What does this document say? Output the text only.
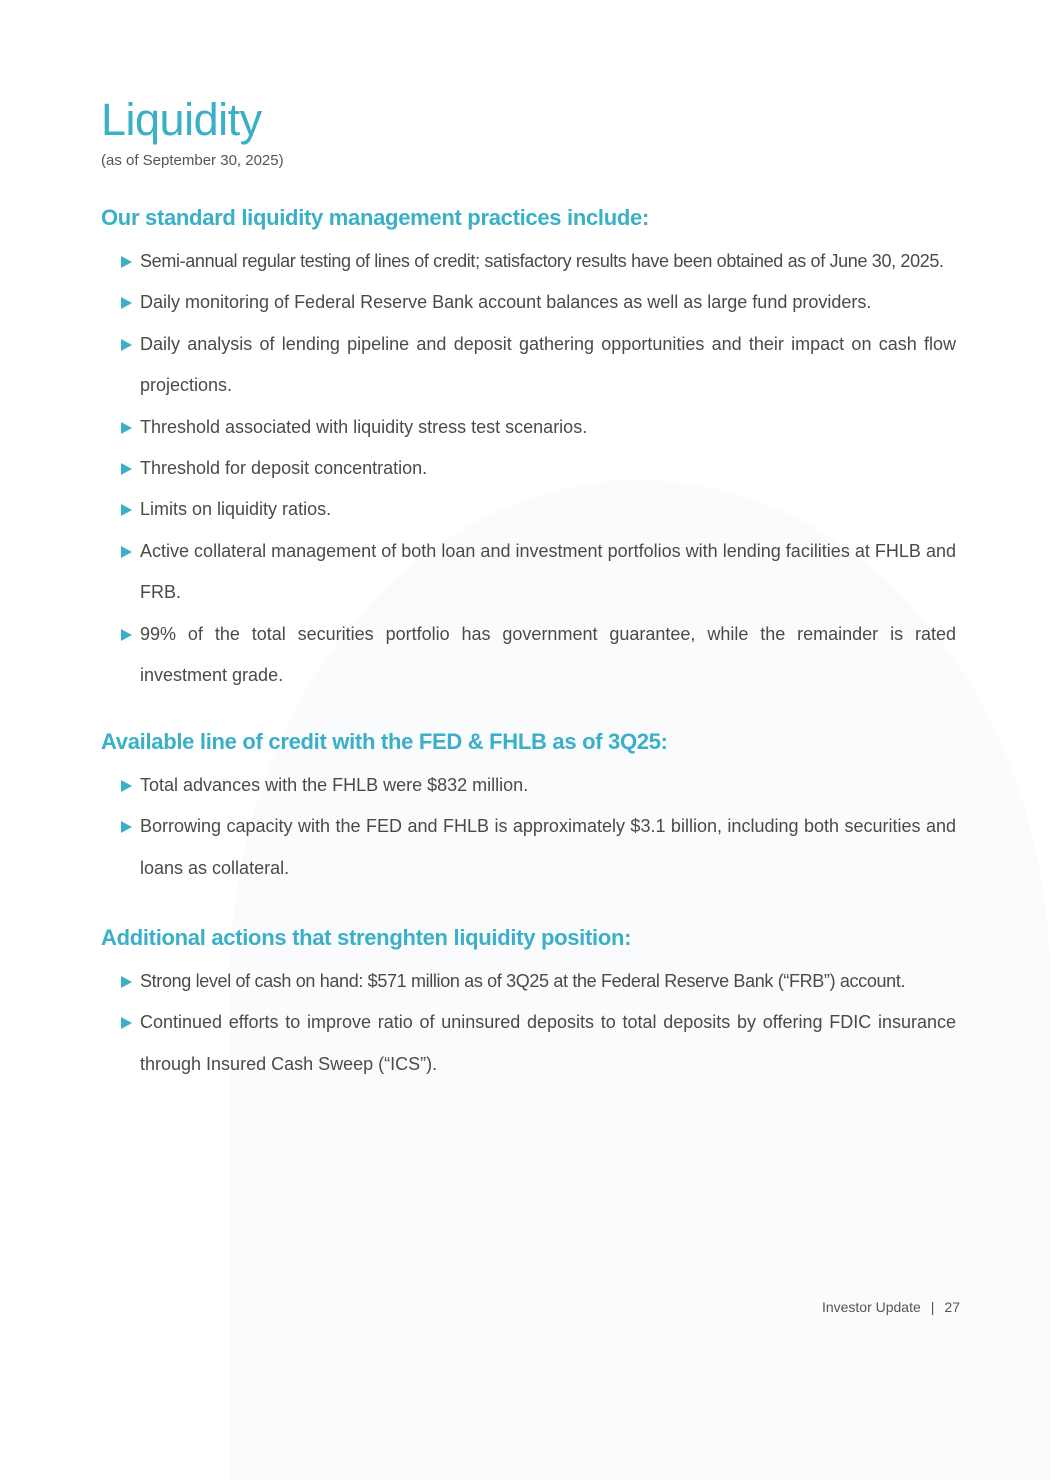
Liquidity

(as of September 30, 2025)

Our standard liquidity management practices include:
Semi-annual regular testing of lines of credit; satisfactory results have been obtained as of June 30, 2025.
Daily monitoring of Federal Reserve Bank account balances as well as large fund providers.
Daily analysis of lending pipeline and deposit gathering opportunities and their impact on cash flow projections.
Threshold associated with liquidity stress test scenarios.
Threshold for deposit concentration.
Limits on liquidity ratios.
Active collateral management of both loan and investment portfolios with lending facilities at FHLB and FRB.
99% of the total securities portfolio has government guarantee, while the remainder is rated investment grade.
Available line of credit with the FED & FHLB as of 3Q25:
Total advances with the FHLB were $832 million.
Borrowing capacity with the FED and FHLB is approximately $3.1 billion, including both securities and loans as collateral.
Additional actions that strenghten liquidity position:
Strong level of cash on hand: $571 million as of 3Q25 at the Federal Reserve Bank (“FRB”) account.
Continued efforts to improve ratio of uninsured deposits to total deposits by offering FDIC insurance through Insured Cash Sweep (“ICS”).
Investor Update | 27
